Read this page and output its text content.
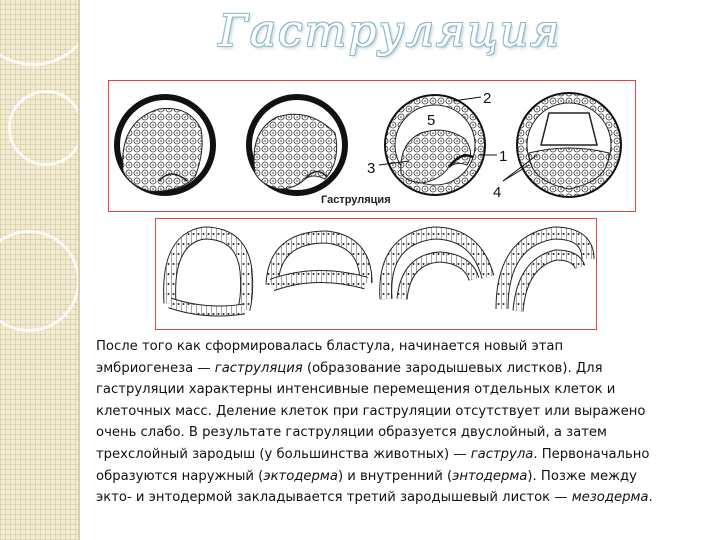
Гаструляция
2
5
1
3
4
Гаструляция

После того как сформировалась бластула, начинается новый этап

эмбриогенеза — гаструляция (образование зародышевых листков). Для

гаструляции характерны интенсивные перемещения отдельных клеток и

клеточных масс. Деление клеток при гаструляции отсутствует или выражено

очень слабо. В результате гаструляции образуется двуслойный, а затем

трехслойный зародыш (у большинства животных) — гаструла. Первоначально

образуются наружный (эктодерма) и внутренний (энтодерма). Позже между

экто- и энтодермой закладывается третий зародышевый листок — мезодерма.
